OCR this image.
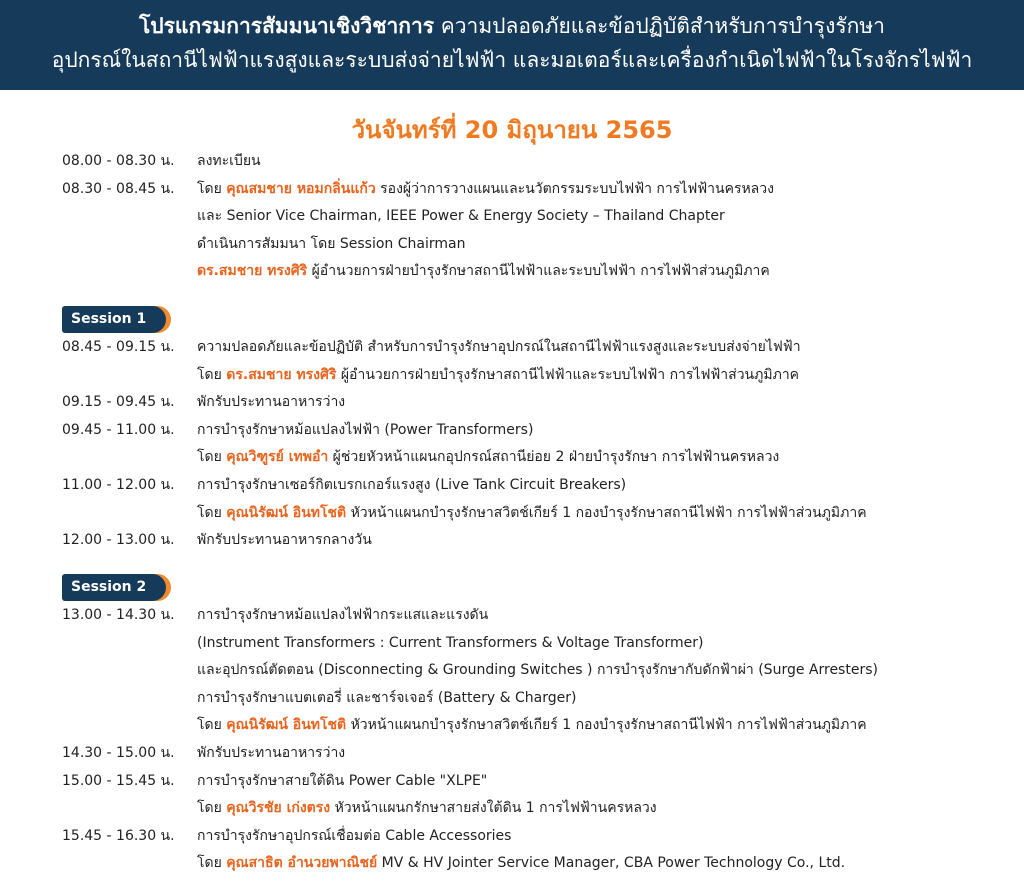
โปรแกรมการสัมมนาเชิงวิชาการ ความปลอดภัยและข้อปฏิบัติสำหรับการบำรุงรักษา
อุปกรณ์ในสถานีไฟฟ้าแรงสูงและระบบส่งจ่ายไฟฟ้า และมอเตอร์และเครื่องกำเนิดไฟฟ้าในโรงจักรไฟฟ้า
วันจันทร์ที่ 20 มิถุนายน 2565
08.00 - 08.30 น. ลงทะเบียน
08.30 - 08.45 น. โดย คุณสมชาย หอมกลิ่นแก้ว รองผู้ว่าการวางแผนและนวัตกรรมระบบไฟฟ้า การไฟฟ้านครหลวง
และ Senior Vice Chairman, IEEE Power & Energy Society – Thailand Chapter
ดำเนินการสัมมนา โดย Session Chairman
ดร.สมชาย ทรงศิริ ผู้อำนวยการฝ่ายบำรุงรักษาสถานีไฟฟ้าและระบบไฟฟ้า การไฟฟ้าส่วนภูมิภาค
Session 1
08.45 - 09.15 น. ความปลอดภัยและข้อปฏิบัติ สำหรับการบำรุงรักษาอุปกรณ์ในสถานีไฟฟ้าแรงสูงและระบบส่งจ่ายไฟฟ้า
โดย ดร.สมชาย ทรงศิริ ผู้อำนวยการฝ่ายบำรุงรักษาสถานีไฟฟ้าและระบบไฟฟ้า การไฟฟ้าส่วนภูมิภาค
09.15 - 09.45 น. พักรับประทานอาหารว่าง
09.45 - 11.00 น. การบำรุงรักษาหม้อแปลงไฟฟ้า (Power Transformers)
โดย คุณวิฑูรย์ เทพอำ ผู้ช่วยหัวหน้าแผนกอุปกรณ์สถานีย่อย 2 ฝ่ายบำรุงรักษา การไฟฟ้านครหลวง
11.00 - 12.00 น. การบำรุงรักษาเซอร์กิตเบรกเกอร์แรงสูง (Live Tank Circuit Breakers)
โดย คุณนิรัฒน์ อินทโชติ หัวหน้าแผนกบำรุงรักษาสวิตช์เกียร์ 1 กองบำรุงรักษาสถานีไฟฟ้า การไฟฟ้าส่วนภูมิภาค
12.00 - 13.00 น. พักรับประทานอาหารกลางวัน
Session 2
13.00 - 14.30 น. การบำรุงรักษาหม้อแปลงไฟฟ้ากระแสและแรงดัน
(Instrument Transformers : Current Transformers & Voltage Transformer)
และอุปกรณ์ตัดตอน (Disconnecting & Grounding Switches ) การบำรุงรักษากับดักฟ้าผ่า (Surge Arresters)
การบำรุงรักษาแบตเตอรี่ และชาร์จเจอร์ (Battery & Charger)
โดย คุณนิรัฒน์ อินทโชติ หัวหน้าแผนกบำรุงรักษาสวิตช์เกียร์ 1 กองบำรุงรักษาสถานีไฟฟ้า การไฟฟ้าส่วนภูมิภาค
14.30 - 15.00 น. พักรับประทานอาหารว่าง
15.00 - 15.45 น. การบำรุงรักษาสายใต้ดิน Power Cable "XLPE"
โดย คุณวิรชัย เก่งตรง หัวหน้าแผนกรักษาสายส่งใต้ดิน 1 การไฟฟ้านครหลวง
15.45 - 16.30 น. การบำรุงรักษาอุปกรณ์เชื่อมต่อ Cable Accessories
โดย คุณสาธิต อำนวยพาณิชย์ MV & HV Jointer Service Manager, CBA Power Technology Co., Ltd.
